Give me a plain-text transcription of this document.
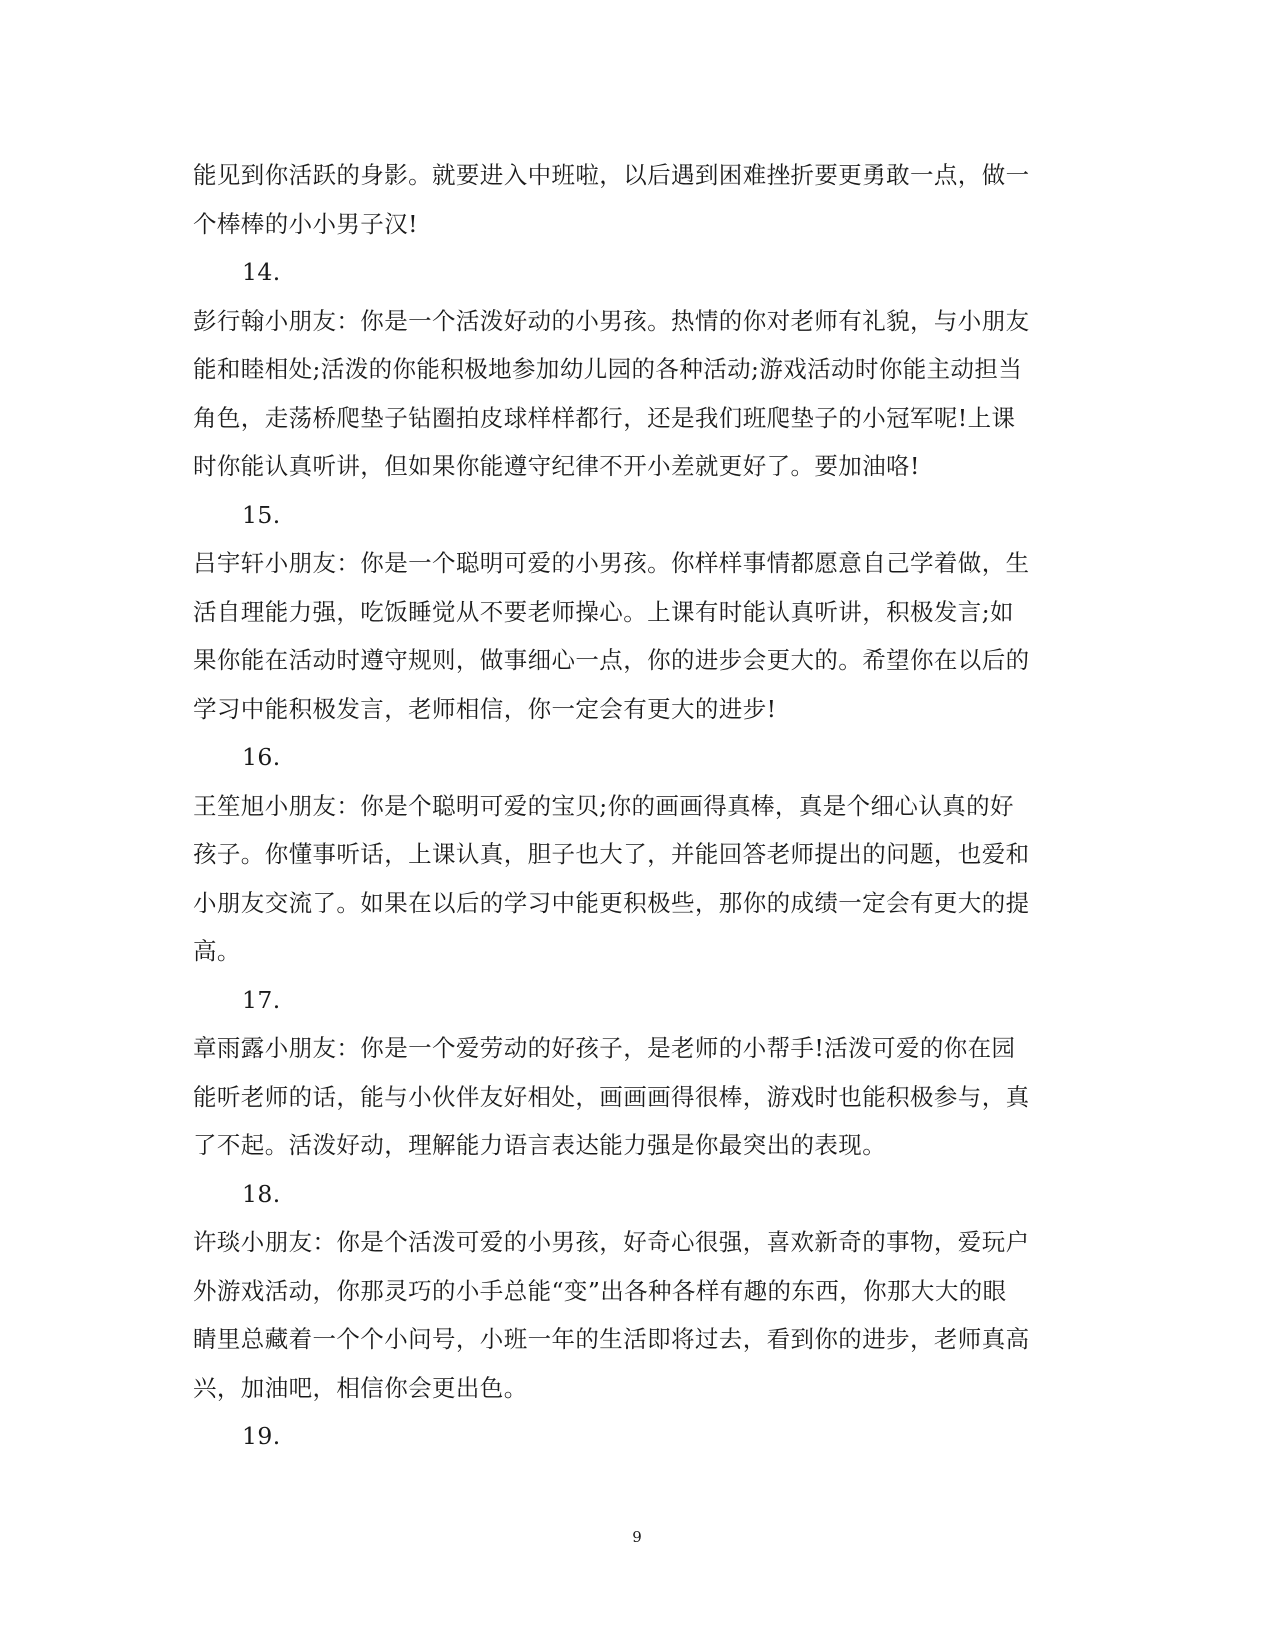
能见到你活跃的身影。就要进入中班啦，以后遇到困难挫折要更勇敢一点，做一
个棒棒的小小男子汉!
14.
彭行翰小朋友：你是一个活泼好动的小男孩。热情的你对老师有礼貌，与小朋友
能和睦相处;活泼的你能积极地参加幼儿园的各种活动;游戏活动时你能主动担当
角色，走荡桥爬垫子钻圈拍皮球样样都行，还是我们班爬垫子的小冠军呢!上课
时你能认真听讲，但如果你能遵守纪律不开小差就更好了。要加油咯!
15.
吕宇轩小朋友：你是一个聪明可爱的小男孩。你样样事情都愿意自己学着做，生
活自理能力强，吃饭睡觉从不要老师操心。上课有时能认真听讲，积极发言;如
果你能在活动时遵守规则，做事细心一点，你的进步会更大的。希望你在以后的
学习中能积极发言，老师相信，你一定会有更大的进步!
16.
王笙旭小朋友：你是个聪明可爱的宝贝;你的画画得真棒，真是个细心认真的好
孩子。你懂事听话，上课认真，胆子也大了，并能回答老师提出的问题，也爱和
小朋友交流了。如果在以后的学习中能更积极些，那你的成绩一定会有更大的提
高。
17.
章雨露小朋友：你是一个爱劳动的好孩子，是老师的小帮手!活泼可爱的你在园
能听老师的话，能与小伙伴友好相处，画画画得很棒，游戏时也能积极参与，真
了不起。活泼好动，理解能力语言表达能力强是你最突出的表现。
18.
许琰小朋友：你是个活泼可爱的小男孩，好奇心很强，喜欢新奇的事物，爱玩户
外游戏活动，你那灵巧的小手总能“变”出各种各样有趣的东西，你那大大的眼
睛里总藏着一个个小问号，小班一年的生活即将过去，看到你的进步，老师真高
兴，加油吧，相信你会更出色。
19.
9
